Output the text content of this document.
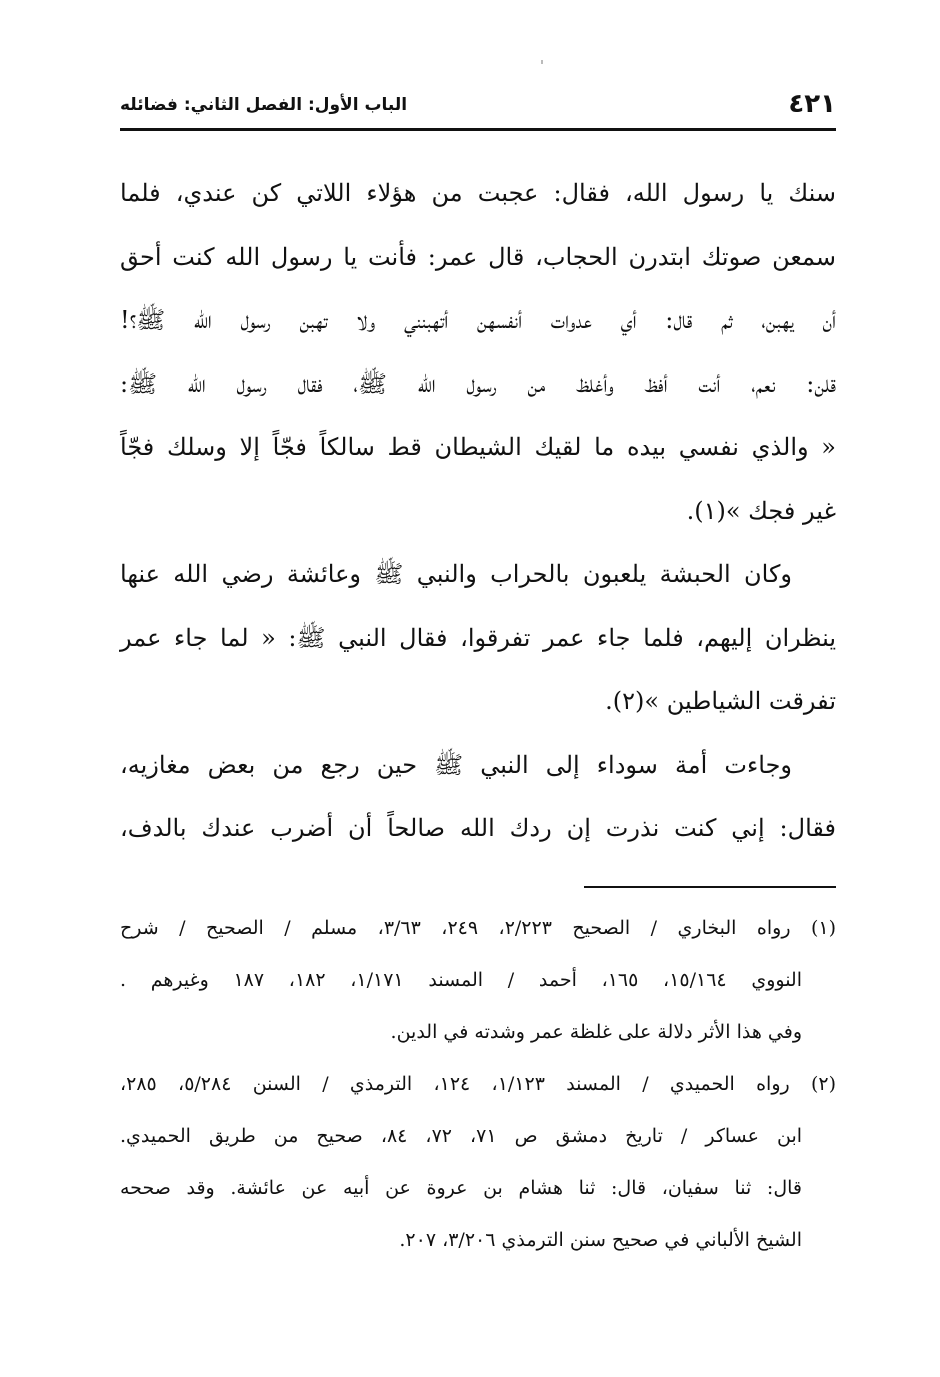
٤٢١
الباب الأول: الفصل الثاني: فضائله
سنك يا رسول الله، فقال: عجبت من هؤلاء اللاتي كن عندي، فلما
سمعن صوتك ابتدرن الحجاب، قال عمر: فأنت يا رسول الله كنت أحق
أن يهبن، ثم قال: أي عدوات أنفسهن أتهبنني ولا تهبن رسول الله ﷺ؟!
قلن: نعم، أنت أفظ وأغلظ من رسول الله ﷺ، فقال رسول الله ﷺ:
« والذي نفسي بيده ما لقيك الشيطان قط سالكاً فجّاً إلا وسلك فجّاً
غير فجك »(١).
وكان الحبشة يلعبون بالحراب والنبي ﷺ وعائشة رضي الله عنها
ينظران إليهم، فلما جاء عمر تفرقوا، فقال النبي ﷺ: « لما جاء عمر
تفرقت الشياطين »(٢).
وجاءت أمة سوداء إلى النبي ﷺ حين رجع من بعض مغازيه،
فقال: إني كنت نذرت إن ردك الله صالحاً أن أضرب عندك بالدف،
(١) رواه البخاري / الصحيح ٢/٢٢٣، ٢٤٩، ٣/٦٣، مسلم / الصحيح / شرح
النووي ١٥/١٦٤، ١٦٥، أحمد / المسند ١/١٧١، ١٨٢، ١٨٧ وغيرهم .
وفي هذا الأثر دلالة على غلظة عمر وشدته في الدين.
(٢) رواه الحميدي / المسند ١/١٢٣، ١٢٤، الترمذي / السنن ٥/٢٨٤، ٢٨٥،
ابن عساكر / تاريخ دمشق ص ٧١، ٧٢، ٨٤، صحيح من طريق الحميدي.
قال: ثنا سفيان، قال: ثنا هشام بن عروة عن أبيه عن عائشة. وقد صححه
الشيخ الألباني في صحيح سنن الترمذي ٣/٢٠٦، ٢٠٧.
